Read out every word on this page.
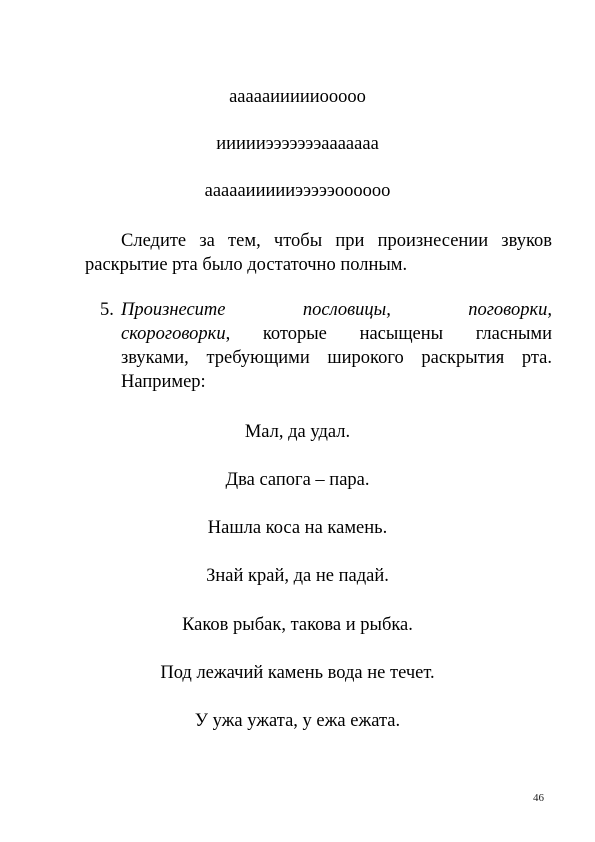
аааааиииииооооо
иииииэээээээааааааа
аааааиииииэээээоооооо
Следите за тем, чтобы при произнесении звуков раскрытие рта было достаточно полным.
5. Произнесите	пословицы,	поговорки,
скороговорки, которые насыщены гласными
звуками, требующими широкого раскрытия рта.
Например:
Мал, да удал.
Два сапога – пара.
Нашла коса на камень.
Знай край, да не падай.
Каков рыбак, такова и рыбка.
Под лежачий камень вода не течет.
У ужа ужата, у ежа ежата.
46
